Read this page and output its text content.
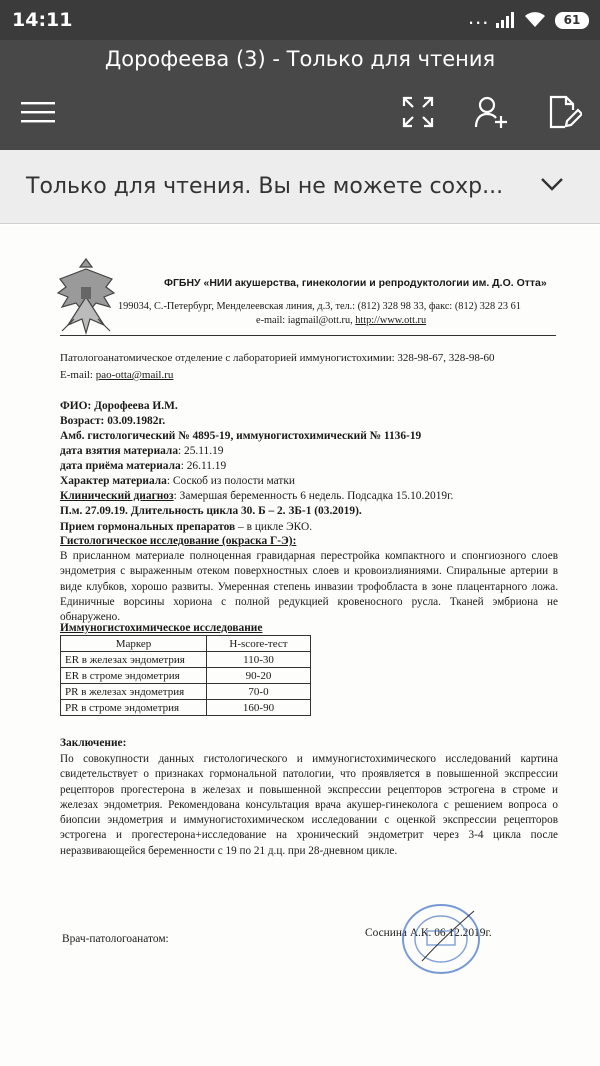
14:11	...	61
Дорофеева (3) - Только для чтения
Только для чтения. Вы не можете сохр...
ФГБНУ «НИИ акушерства, гинекологии и репродуктологии им. Д.О. Отта»
199034, С.-Петербург, Менделеевская линия, д.3, тел.: (812) 328 98 33, факс: (812) 328 23 61
e-mail: iagmail@ott.ru, http://www.ott.ru
Патологоанатомическое отделение с лабораторией иммуногистохимии: 328-98-67, 328-98-60
E-mail: pao-otta@mail.ru
ФИО: Дорофеева И.М.
Возраст: 03.09.1982г.
Амб. гистологический № 4895-19, иммуногистохимический № 1136-19
дата взятия материала: 25.11.19
дата приёма материала: 26.11.19
Характер материала: Соскоб из полости матки
Клинический диагноз: Замершая беременность 6 недель. Подсадка 15.10.2019г.
П.м. 27.09.19. Длительность цикла 30. Б – 2. ЗБ-1 (03.2019).
Прием гормональных препаратов – в цикле ЭКО.
Гистологическое исследование (окраска Г-Э):
В присланном материале полноценная гравидарная перестройка компактного и спонгиозного слоев эндометрия с выраженным отеком поверхностных слоев и кровоизлияниями. Спиральные артерии в виде клубков, хорошо развиты. Умеренная степень инвазии трофобласта в зоне плацентарного ложа. Единичные ворсины хориона с полной редукцией кровеносного русла. Тканей эмбриона не обнаружено.
Иммуногистохимическое исследование
Маркер	H-score-тест
ER в железах эндометрия	110-30
ER в строме эндометрия	90-20
PR в железах эндометрия	70-0
PR в строме эндометрия	160-90
Заключение:
По совокупности данных гистологического и иммуногистохимического исследований картина свидетельствует о признаках гормональной патологии, что проявляется в повышенной экспрессии рецепторов прогестерона в железах и повышенной экспрессии рецепторов эстрогена в строме и железах эндометрия. Рекомендована консультация врача акушер-гинеколога с решением вопроса о биопсии эндометрия и иммуногистохимическом исследовании с оценкой экспрессии рецепторов эстрогена и прогестерона+исследование на хронический эндометрит через 3-4 цикла после неразвивающейся беременности с 19 по 21 д.ц. при 28-дневном цикле.
Врач-патологоанатом:	Соснина А.К. 06.12.2019г.
